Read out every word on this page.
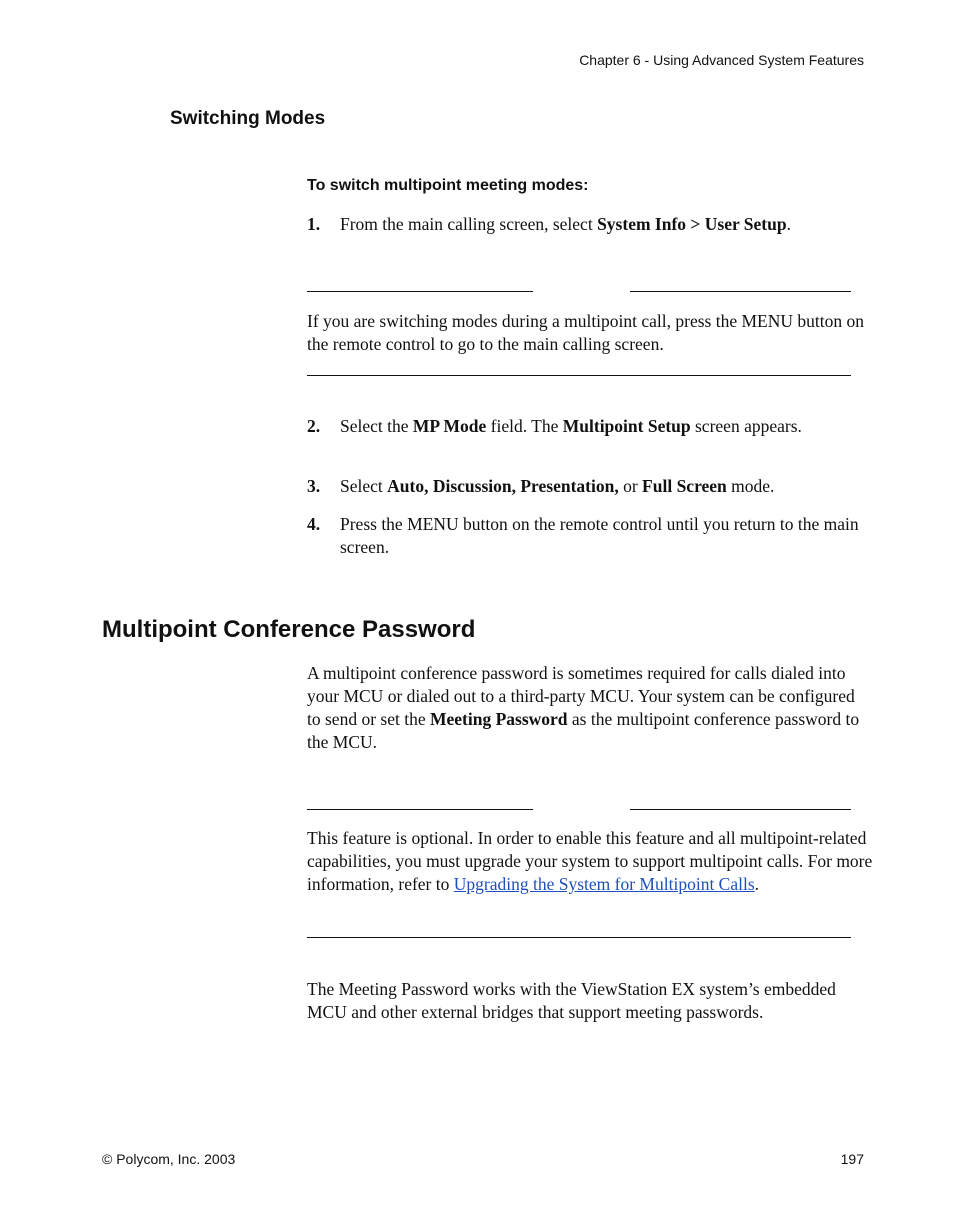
Chapter 6 - Using Advanced System Features
Switching Modes
To switch multipoint meeting modes:
1. From the main calling screen, select System Info > User Setup.
If you are switching modes during a multipoint call, press the MENU button on the remote control to go to the main calling screen.
2. Select the MP Mode field. The Multipoint Setup screen appears.
3. Select Auto, Discussion, Presentation, or Full Screen mode.
4. Press the MENU button on the remote control until you return to the main screen.
Multipoint Conference Password
A multipoint conference password is sometimes required for calls dialed into your MCU or dialed out to a third-party MCU. Your system can be configured to send or set the Meeting Password as the multipoint conference password to the MCU.
This feature is optional. In order to enable this feature and all multipoint-related capabilities, you must upgrade your system to support multipoint calls. For more information, refer to Upgrading the System for Multipoint Calls.
The Meeting Password works with the ViewStation EX system’s embedded MCU and other external bridges that support meeting passwords.
© Polycom, Inc. 2003	197
